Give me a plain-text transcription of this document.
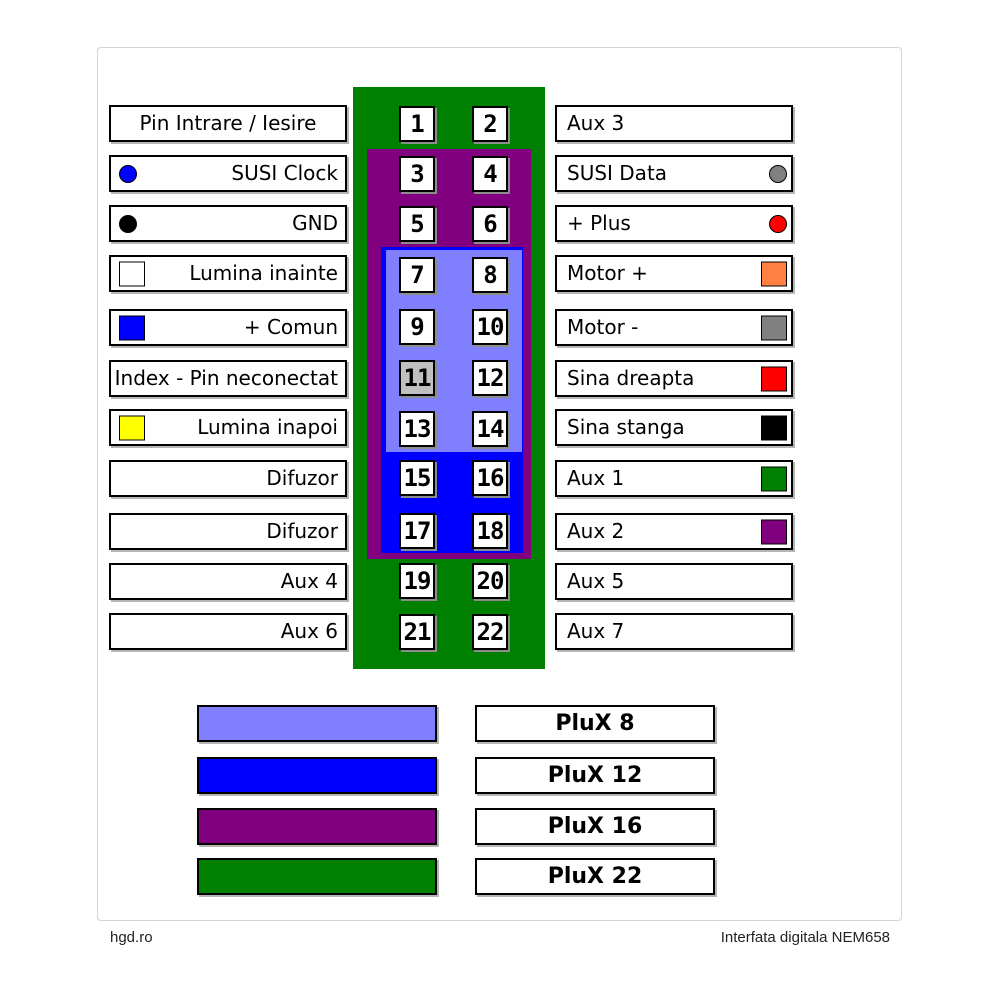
Pin Intrare / Iesire
SUSI Clock
GND
Lumina inainte
+ Comun
Index - Pin neconectat
Lumina inapoi
Difuzor
Difuzor
Aux 4
Aux 6
Aux 3
SUSI Data
+ Plus
Motor +
Motor -
Sina dreapta
Sina stanga
Aux 1
Aux 2
Aux 5
Aux 7
1
3
5
7
9
11
13
15
17
19
21
2
4
6
8
10
12
14
16
18
20
22
PluX 8
PluX 12
PluX 16
PluX 22
hgd.ro	Interfata digitala NEM658
